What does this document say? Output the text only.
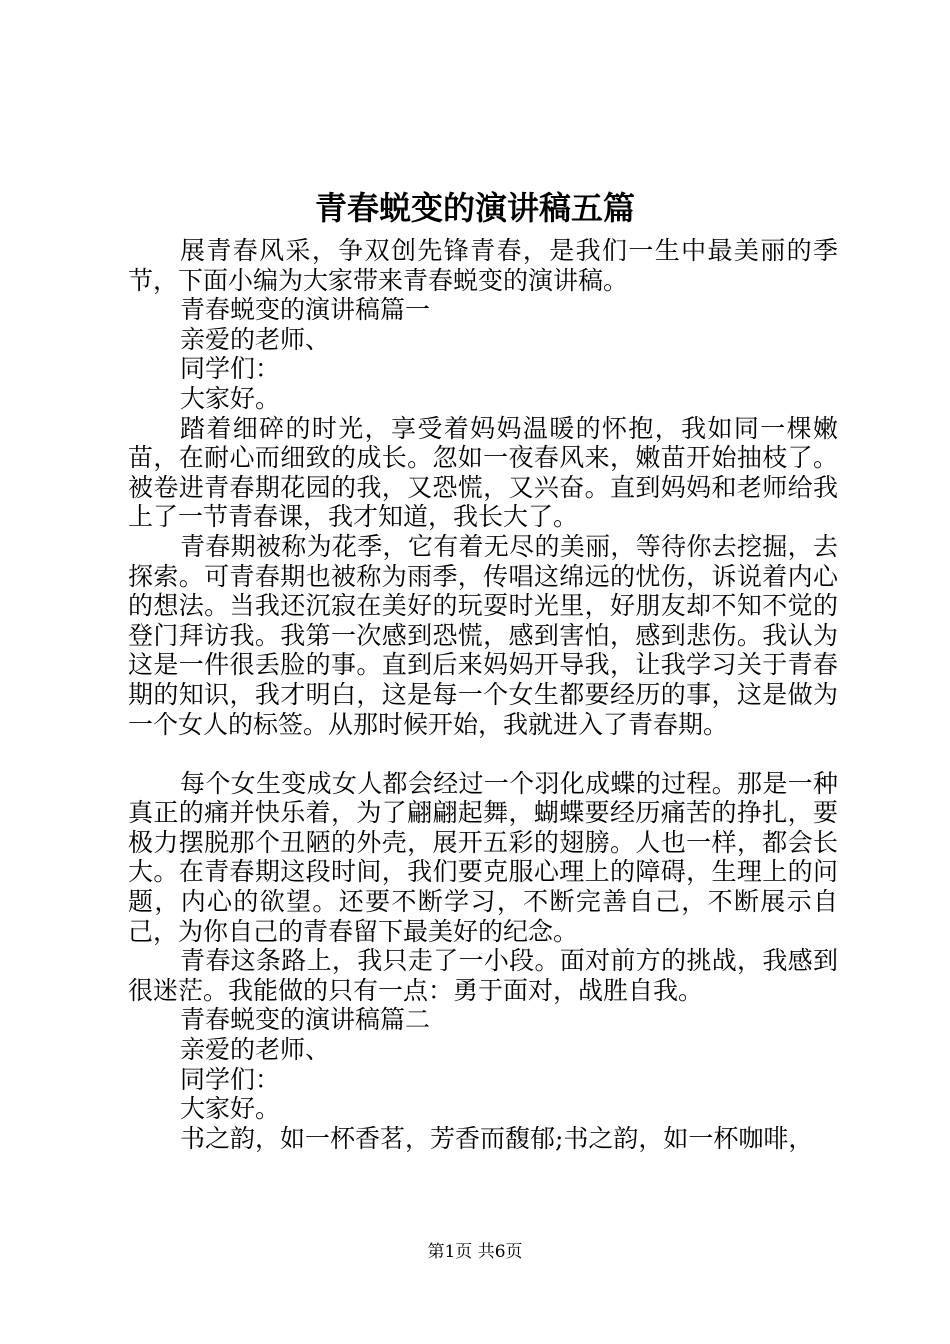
青春蜕变的演讲稿五篇

展青春风采，争双创先锋青春，是我们一生中最美丽的季节，下面小编为大家带来青春蜕变的演讲稿。

青春蜕变的演讲稿篇一

亲爱的老师、

同学们：

大家好。

踏着细碎的时光，享受着妈妈温暖的怀抱，我如同一棵嫩苗，在耐心而细致的成长。忽如一夜春风来，嫩苗开始抽枝了。被卷进青春期花园的我，又恐慌，又兴奋。直到妈妈和老师给我上了一节青春课，我才知道，我长大了。

青春期被称为花季，它有着无尽的美丽，等待你去挖掘，去探索。可青春期也被称为雨季，传唱这绵远的忧伤，诉说着内心的想法。当我还沉寂在美好的玩耍时光里，好朋友却不知不觉的登门拜访我。我第一次感到恐慌，感到害怕，感到悲伤。我认为这是一件很丢脸的事。直到后来妈妈开导我，让我学习关于青春期的知识，我才明白，这是每一个女生都要经历的事，这是做为一个女人的标签。从那时候开始，我就进入了青春期。

每个女生变成女人都会经过一个羽化成蝶的过程。那是一种真正的痛并快乐着，为了翩翩起舞，蝴蝶要经历痛苦的挣扎，要极力摆脱那个丑陋的外壳，展开五彩的翅膀。人也一样，都会长大。在青春期这段时间，我们要克服心理上的障碍，生理上的问题，内心的欲望。还要不断学习，不断完善自己，不断展示自己，为你自己的青春留下最美好的纪念。

青春这条路上，我只走了一小段。面对前方的挑战，我感到很迷茫。我能做的只有一点：勇于面对，战胜自我。

青春蜕变的演讲稿篇二

亲爱的老师、

同学们：

大家好。

书之韵，如一杯香茗，芳香而馥郁;书之韵，如一杯咖啡，

第1页 共6页
